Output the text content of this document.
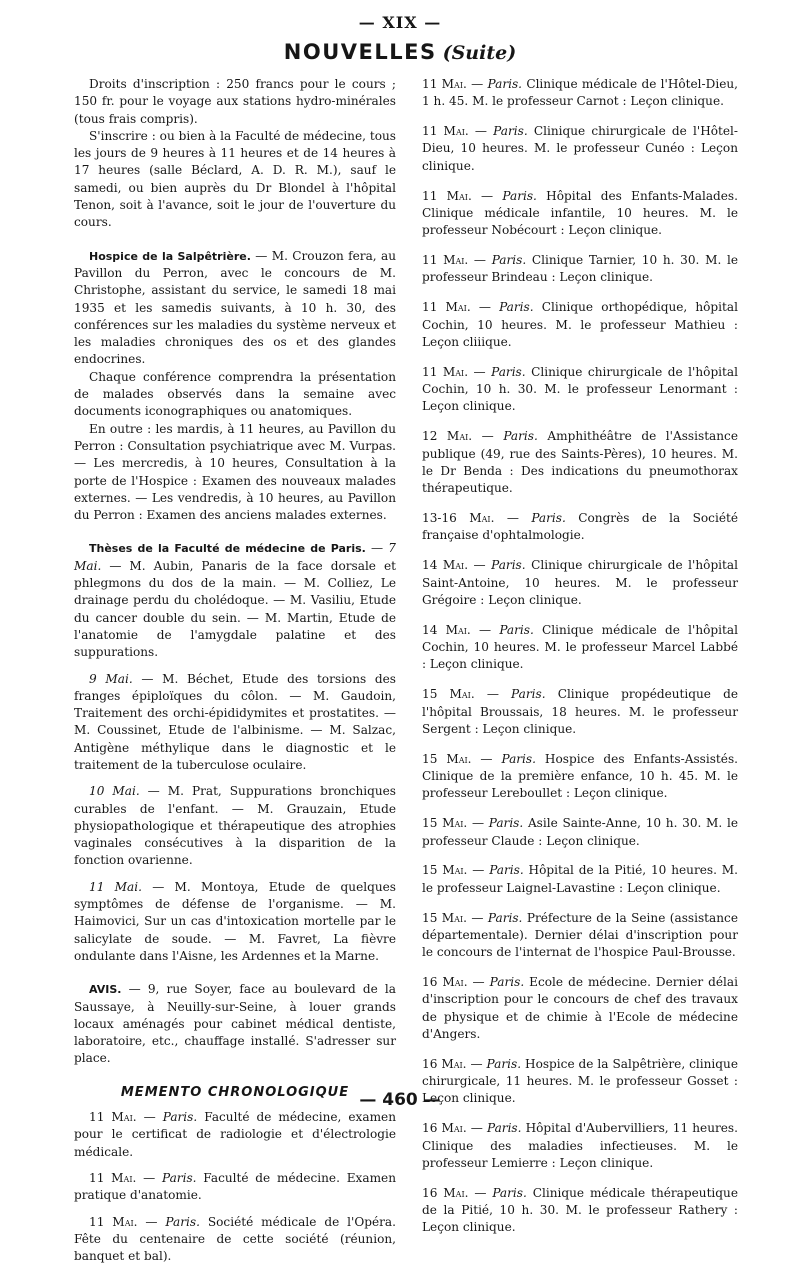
— XIX —
NOUVELLES (Suite)

Droits d'inscription : 250 francs pour le cours ; 150 fr. pour le voyage aux stations hydro-minérales (tous frais compris).

S'inscrire : ou bien à la Faculté de médecine, tous les jours de 9 heures à 11 heures et de 14 heures à 17 heures (salle Béclard, A. D. R. M.), sauf le samedi, ou bien auprès du Dr Blondel à l'hôpital Tenon, soit à l'avance, soit le jour de l'ouverture du cours.

Hospice de la Salpêtrière. — M. Crouzon fera, au Pavillon du Perron, avec le concours de M. Christophe, assistant du service, le samedi 18 mai 1935 et les samedis suivants, à 10 h. 30, des conférences sur les maladies du système nerveux et les maladies chroniques des os et des glandes endocrines.

Chaque conférence comprendra la présentation de malades observés dans la semaine avec documents iconographiques ou anatomiques.

En outre : les mardis, à 11 heures, au Pavillon du Perron : Consultation psychiatrique avec M. Vurpas. — Les mercredis, à 10 heures, Consultation à la porte de l'Hospice : Examen des nouveaux malades externes. — Les vendredis, à 10 heures, au Pavillon du Perron : Examen des anciens malades externes.

Thèses de la Faculté de médecine de Paris. — 7 Mai. — M. Aubin, Panaris de la face dorsale et phlegmons du dos de la main. — M. Colliez, Le drainage perdu du cholédoque. — M. Vasiliu, Etude du cancer double du sein. — M. Martin, Etude de l'anatomie de l'amygdale palatine et des suppurations.

9 Mai. — M. Béchet, Etude des torsions des franges épiploïques du côlon. — M. Gaudoin, Traitement des orchi-épididymites et prostatites. — M. Coussinet, Etude de l'albinisme. — M. Salzac, Antigène méthylique dans le diagnostic et le traitement de la tuberculose oculaire.

10 Mai. — M. Prat, Suppurations bronchiques curables de l'enfant. — M. Grauzain, Etude physiopathologique et thérapeutique des atrophies vaginales consécutives à la disparition de la fonction ovarienne.

11 Mai. — M. Montoya, Etude de quelques symptômes de défense de l'organisme. — M. Haimovici, Sur un cas d'intoxication mortelle par le salicylate de soude. — M. Favret, La fièvre ondulante dans l'Aisne, les Ardennes et la Marne.

AVIS. — 9, rue Soyer, face au boulevard de la Saussaye, à Neuilly-sur-Seine, à louer grands locaux aménagés pour cabinet médical dentiste, laboratoire, etc., chauffage installé. S'adresser sur place.

MEMENTO CHRONOLOGIQUE

11 Mai. — Paris. Faculté de médecine, examen pour le certificat de radiologie et d'électrologie médicale.

11 Mai. — Paris. Faculté de médecine. Examen pratique d'anatomie.

11 Mai. — Paris. Société médicale de l'Opéra. Fête du centenaire de cette société (réunion, banquet et bal).

11 Mai. — Paris. Clinique médicale de l'Hôtel-Dieu, 1 h. 45. M. le professeur Carnot : Leçon clinique.

11 Mai. — Paris. Clinique chirurgicale de l'Hôtel-Dieu, 10 heures. M. le professeur Cunéo : Leçon clinique.

11 Mai. — Paris. Hôpital des Enfants-Malades. Clinique médicale infantile, 10 heures. M. le professeur Nobécourt : Leçon clinique.

11 Mai. — Paris. Clinique Tarnier, 10 h. 30. M. le professeur Brindeau : Leçon clinique.

11 Mai. — Paris. Clinique orthopédique, hôpital Cochin, 10 heures. M. le professeur Mathieu : Leçon cliiique.

11 Mai. — Paris. Clinique chirurgicale de l'hôpital Cochin, 10 h. 30. M. le professeur Lenormant : Leçon clinique.

12 Mai. — Paris. Amphithéâtre de l'Assistance publique (49, rue des Saints-Pères), 10 heures. M. le Dr Benda : Des indications du pneumothorax thérapeutique.

13-16 Mai. — Paris. Congrès de la Société française d'ophtalmologie.

14 Mai. — Paris. Clinique chirurgicale de l'hôpital Saint-Antoine, 10 heures. M. le professeur Grégoire : Leçon clinique.

14 Mai. — Paris. Clinique médicale de l'hôpital Cochin, 10 heures. M. le professeur Marcel Labbé : Leçon clinique.

15 Mai. — Paris. Clinique propédeutique de l'hôpital Broussais, 18 heures. M. le professeur Sergent : Leçon clinique.

15 Mai. — Paris. Hospice des Enfants-Assistés. Clinique de la première enfance, 10 h. 45. M. le professeur Lereboullet : Leçon clinique.

15 Mai. — Paris. Asile Sainte-Anne, 10 h. 30. M. le professeur Claude : Leçon clinique.

15 Mai. — Paris. Hôpital de la Pitié, 10 heures. M. le professeur Laignel-Lavastine : Leçon clinique.

15 Mai. — Paris. Préfecture de la Seine (assistance départementale). Dernier délai d'inscription pour le concours de l'internat de l'hospice Paul-Brousse.

16 Mai. — Paris. Ecole de médecine. Dernier délai d'inscription pour le concours de chef des travaux de physique et de chimie à l'Ecole de médecine d'Angers.

16 Mai. — Paris. Hospice de la Salpêtrière, clinique chirurgicale, 11 heures. M. le professeur Gosset : Leçon clinique.

16 Mai. — Paris. Hôpital d'Aubervilliers, 11 heures. Clinique des maladies infectieuses. M. le professeur Lemierre : Leçon clinique.

16 Mai. — Paris. Clinique médicale thérapeutique de la Pitié, 10 h. 30. M. le professeur Rathery : Leçon clinique.

— 460 —
